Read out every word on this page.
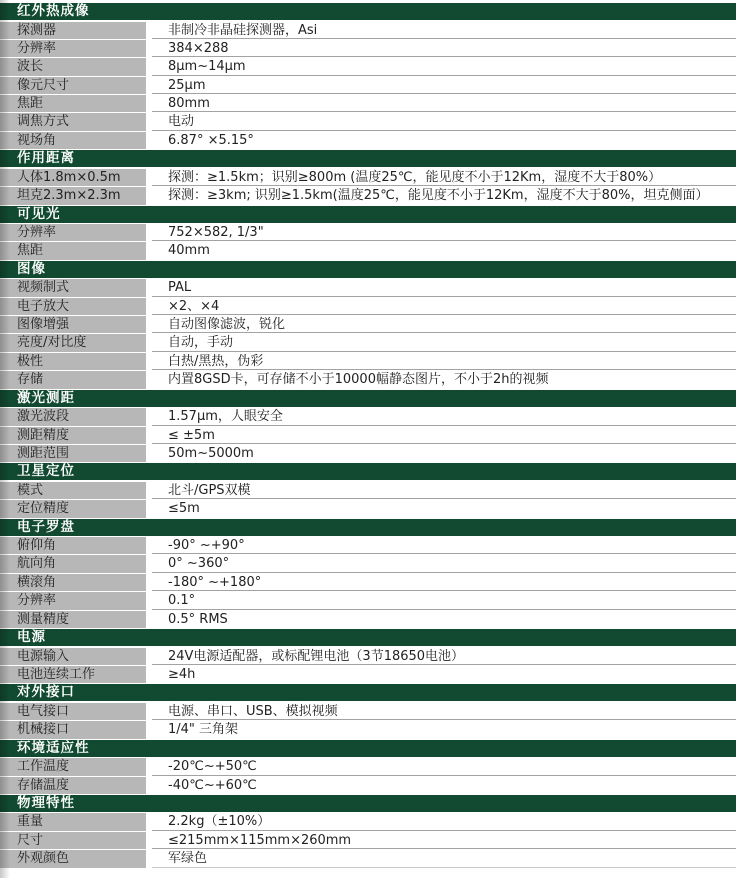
红外热成像
探测器	非制冷非晶硅探测器，Asi
分辨率	384×288
波长	8μm~14μm
像元尺寸	25μm
焦距	80mm
调焦方式	电动
视场角	6.87° ×5.15°
作用距离
人体1.8m×0.5m	探测：≥1.5km；识别≥800m (温度25℃，能见度不小于12Km，湿度不大于80%）
坦克2.3m×2.3m	探测：≥3km; 识别≥1.5km(温度25℃，能见度不小于12Km，湿度不大于80%，坦克侧面）
可见光
分辨率	752×582, 1/3"
焦距	40mm
图像
视频制式	PAL
电子放大	×2、×4
图像增强	自动图像滤波，锐化
亮度/对比度	自动，手动
极性	白热/黑热，伪彩
存储	内置8GSD卡，可存储不小于10000幅静态图片，不小于2h的视频
激光测距
激光波段	1.57μm，人眼安全
测距精度	≤ ±5m
测距范围	50m~5000m
卫星定位
模式	北斗/GPS双模
定位精度	≤5m
电子罗盘
俯仰角	-90° ~+90°
航向角	0° ~360°
横滚角	-180° ~+180°
分辨率	0.1°
测量精度	0.5° RMS
电源
电源输入	24V电源适配器，或标配锂电池（3节18650电池）
电池连续工作	≥4h
对外接口
电气接口	电源、串口、USB、模拟视频
机械接口	1/4" 三角架
环境适应性
工作温度	-20℃~+50℃
存储温度	-40℃~+60℃
物理特性
重量	2.2kg（±10%）
尺寸	≤215mm×115mm×260mm
外观颜色	军绿色
